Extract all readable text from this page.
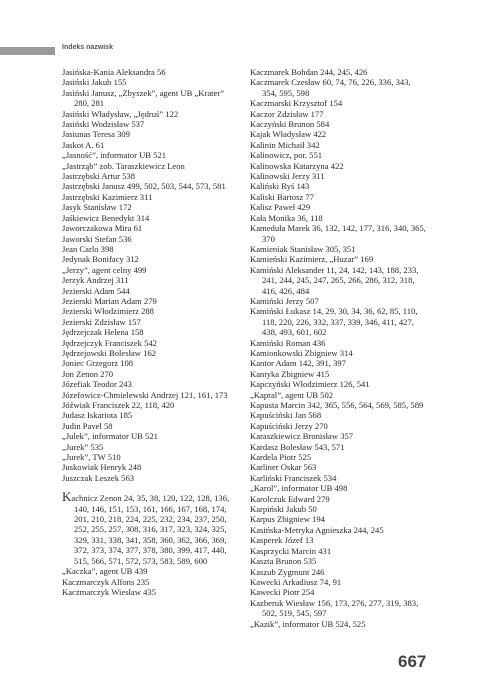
Indeks nazwisk
Jasińska-Kania Aleksandra 56
Jasiński Jakub 155
Jasiński Janusz, „Zbyszek”, agent UB „Krater” 280, 281
Jasiński Władysław, „Jędruś” 122
Jasiński Wodzisław 537
Jasiunas Teresa 309
Jaskot A. 61
„Jasność”, informator UB 521
„Jastrząb” zob. Taraszkiewicz Leon
Jastrzębski Artur 538
Jastrzębski Janusz 499, 502, 503, 544, 573, 581
Jastrzębski Kazimierz 311
Jasyk Stanisław 172
Jaśkiewicz Benedykt 314
Jaworczakowa Mira 61
Jaworski Stefan 536
Jean Carlo 398
Jedynak Bonifacy 312
„Jerzy”, agent celny 499
Jerzyk Andrzej 311
Jezierski Adam 544
Jezierski Marian Adam 279
Jezierski Włodzimierz 288
Jezierski Zdzisław 157
Jędrzejczak Helena 158
Jędrzejczyk Franciszek 542
Jędrzejowski Bolesław 162
Joniec Grzegorz 108
Jon Zenon 270
Józefiak Teodor 243
Józefowicz-Chmielewski Andrzej 121, 161, 173
Jóźwiak Franciszek 22, 118, 420
Judasz Iskariota 185
Judin Pavel 58
„Julek”, informator UB 521
„Jurek” 535
„Jurek”, TW 510
Juskowiak Henryk 248
Juszczak Leszek 563
Kachnicz Zenon 24, 35, 38, 120, 122, 128, 136, 140, 146, 151, 153, 161, 166, 167, 168, 174, 201, 210, 218, 224, 225, 232, 234, 237, 250, 252, 255, 257, 308, 316, 317, 323, 324, 325, 329, 331, 338, 341, 358, 360, 362, 366, 369, 372, 373, 374, 377, 378, 380, 399, 417, 440, 515, 566, 571, 572, 573, 583, 589, 600
„Kaczka”, agent UB 439
Kaczmarczyk Alfons 235
Kaczmarczyk Wiesław 435
Kaczmarek Bohdan 244, 245, 426
Kaczmarek Czesław 60, 74, 76, 226, 336, 343, 354, 595, 598
Kaczmarski Krzysztof 154
Kaczor Zdzisław 177
Kaczyński Brunon 584
Kajak Władysław 422
Kalinin Michaił 342
Kalinowicz, por. 551
Kalinowska Katarzyna 422
Kalinowski Jerzy 311
Kaliński Ryś 143
Kaliski Bartosz 77
Kalisz Paweł 429
Kała Monika 36, 118
Kameduła Marek 36, 132, 142, 177, 316, 340, 365, 370
Kamieniak Stanisław 305, 351
Kamieński Kazimierz, „Huzar” 169
Kamiński Aleksander 11, 24, 142, 143, 188, 233, 241, 244, 245, 247, 265, 266, 286, 312, 318, 416, 426, 484
Kamiński Jerzy 507
Kamiński Łukasz 14, 29, 30, 34, 36, 62, 85, 110, 118, 220, 226, 332, 337, 339, 346, 411, 427, 438, 493, 601, 602
Kamiński Roman 436
Kamionkowski Zbigniew 314
Kantor Adam 142, 391, 397
Kantyka Zbigniew 415
Kapczyński Włodzimierz 126, 541
„Kapral”, agent UB 502
Kapusta Marcin 342, 365, 556, 564, 569, 585, 589
Kapuściński Jan 568
Kapuściński Jerzy 270
Karaszkiewicz Bronisław 357
Kardasz Bolesław 543, 571
Kardela Piotr 525
Karliner Oskar 563
Karliński Franciszek 534
„Karol”, informator UB 498
Karolczuk Edward 279
Karpiński Jakub 50
Karpus Zbigniew 194
Kasińska-Metryka Agnieszka 244, 245
Kasperek Józef 13
Kasprzycki Marcin 431
Kaszta Brunon 535
Kaszub Zygmunt 246
Kawecki Arkadiusz 74, 91
Kawecki Piotr 254
Kazberuk Wiesław 156, 173, 276, 277, 319, 383, 502, 519, 545, 597
„Kazik”, informator UB 524, 525
667
